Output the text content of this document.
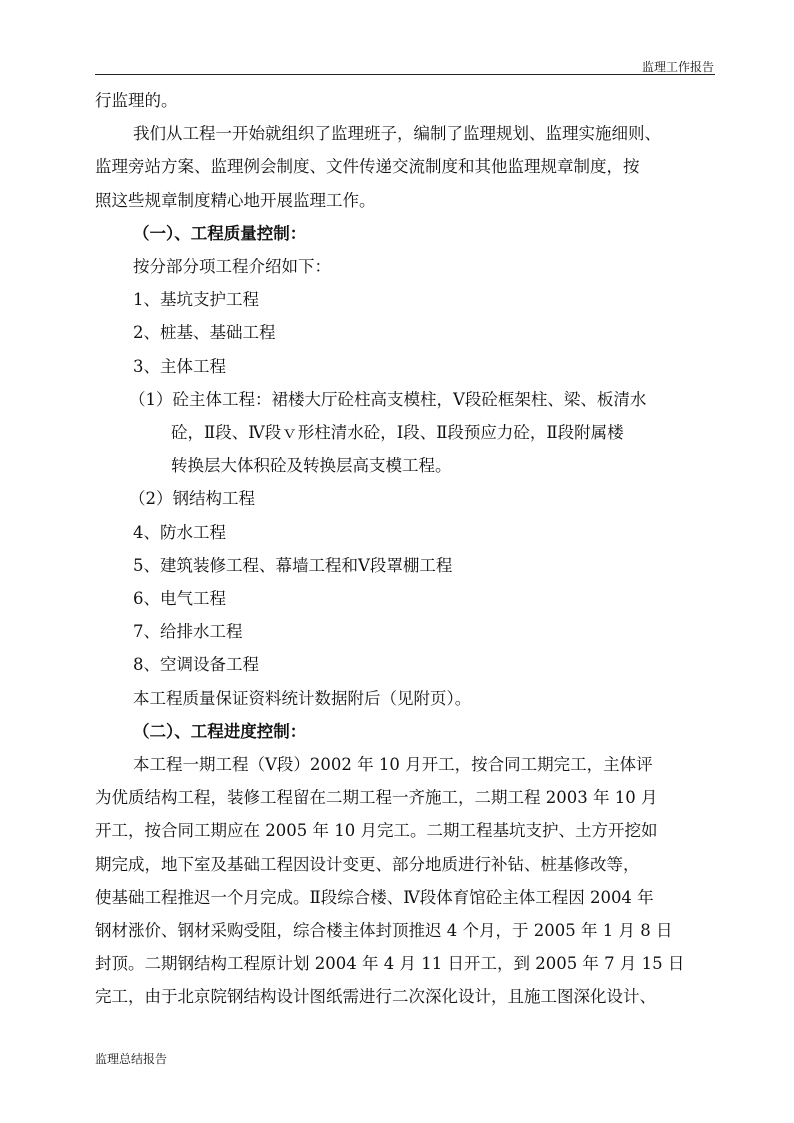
监理工作报告

行监理的。

我们从工程一开始就组织了监理班子，编制了监理规划、监理实施细则、

监理旁站方案、监理例会制度、文件传递交流制度和其他监理规章制度，按

照这些规章制度精心地开展监理工作。

（一）、工程质量控制：

按分部分项工程介绍如下：

1、基坑支护工程

2、桩基、基础工程

3、主体工程

（1）砼主体工程：裙楼大厅砼柱高支模柱，Ⅴ段砼框架柱、梁、板清水

砼，Ⅱ段、Ⅳ段ｖ形柱清水砼，Ⅰ段、Ⅱ段预应力砼，Ⅱ段附属楼

转换层大体积砼及转换层高支模工程。

（2）钢结构工程

4、防水工程

5、建筑装修工程、幕墙工程和Ⅴ段罩棚工程

6、电气工程

7、给排水工程

8、空调设备工程

本工程质量保证资料统计数据附后（见附页）。

（二）、工程进度控制：

本工程一期工程（Ⅴ段）2002 年 10 月开工，按合同工期完工，主体评

为优质结构工程，装修工程留在二期工程一齐施工，二期工程 2003 年 10 月

开工，按合同工期应在 2005 年 10 月完工。二期工程基坑支护、土方开挖如

期完成，地下室及基础工程因设计变更、部分地质进行补钻、桩基修改等，

使基础工程推迟一个月完成。Ⅱ段综合楼、Ⅳ段体育馆砼主体工程因 2004 年

钢材涨价、钢材采购受阻，综合楼主体封顶推迟 4 个月，于 2005 年 1 月 8 日

封顶。二期钢结构工程原计划 2004 年 4 月 11 日开工，到 2005 年 7 月 15 日

完工，由于北京院钢结构设计图纸需进行二次深化设计，且施工图深化设计、

监理总结报告
